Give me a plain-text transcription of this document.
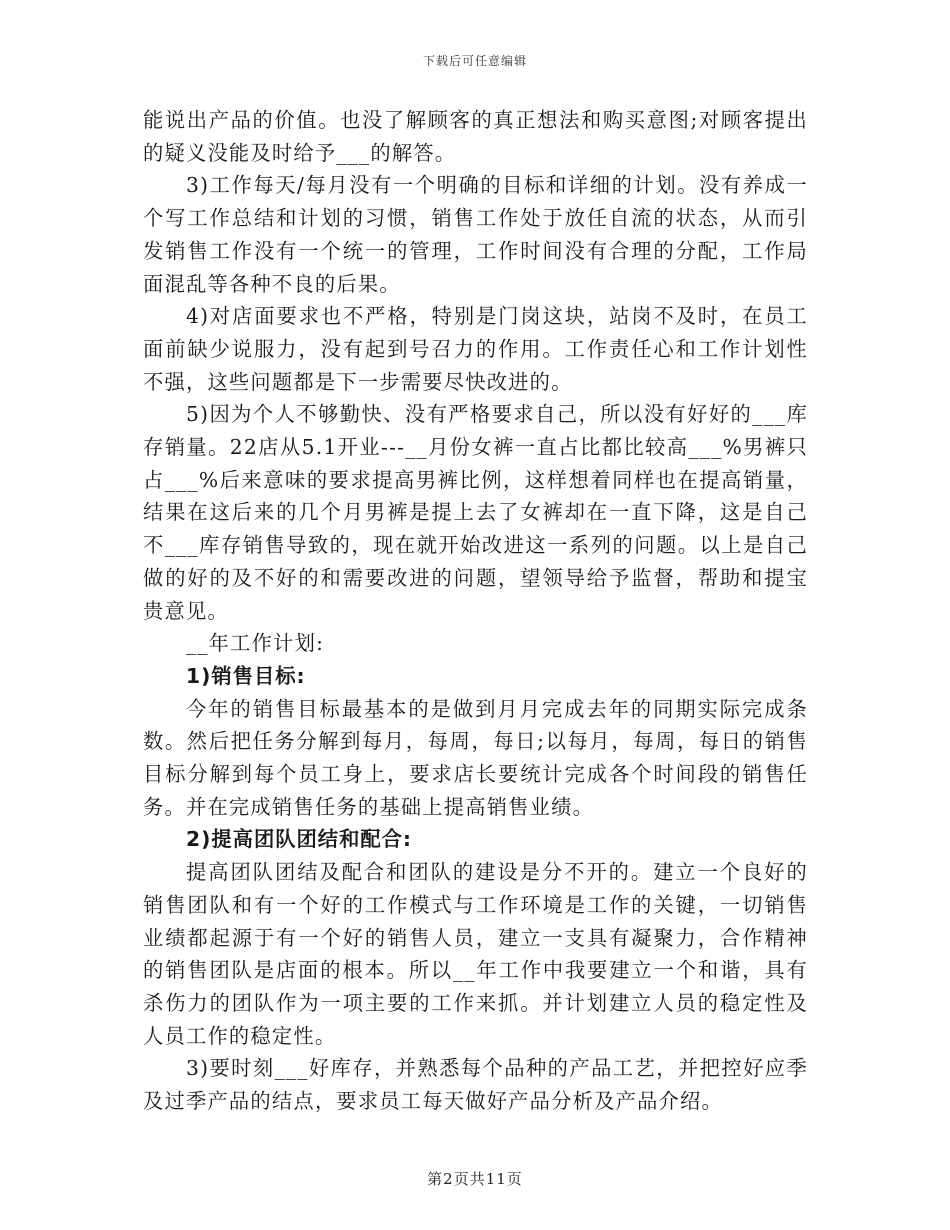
下载后可任意编辑

能说出产品的价值。也没了解顾客的真正想法和购买意图;对顾客提出的疑义没能及时给予___的解答。

3)工作每天/每月没有一个明确的目标和详细的计划。没有养成一个写工作总结和计划的习惯，销售工作处于放任自流的状态，从而引发销售工作没有一个统一的管理，工作时间没有合理的分配，工作局面混乱等各种不良的后果。

4)对店面要求也不严格，特别是门岗这块，站岗不及时，在员工面前缺少说服力，没有起到号召力的作用。工作责任心和工作计划性不强，这些问题都是下一步需要尽快改进的。

5)因为个人不够勤快、没有严格要求自己，所以没有好好的___库存销量。22店从5.1开业---__月份女裤一直占比都比较高___%男裤只占___%后来意味的要求提高男裤比例，这样想着同样也在提高销量，结果在这后来的几个月男裤是提上去了女裤却在一直下降，这是自己不___库存销售导致的，现在就开始改进这一系列的问题。以上是自己做的好的及不好的和需要改进的问题，望领导给予监督，帮助和提宝贵意见。

__年工作计划:

1)销售目标:

今年的销售目标最基本的是做到月月完成去年的同期实际完成条数。然后把任务分解到每月，每周，每日;以每月，每周，每日的销售目标分解到每个员工身上，要求店长要统计完成各个时间段的销售任务。并在完成销售任务的基础上提高销售业绩。

2)提高团队团结和配合:

提高团队团结及配合和团队的建设是分不开的。建立一个良好的销售团队和有一个好的工作模式与工作环境是工作的关键，一切销售业绩都起源于有一个好的销售人员，建立一支具有凝聚力，合作精神的销售团队是店面的根本。所以__年工作中我要建立一个和谐，具有杀伤力的团队作为一项主要的工作来抓。并计划建立人员的稳定性及人员工作的稳定性。

3)要时刻___好库存，并熟悉每个品种的产品工艺，并把控好应季及过季产品的结点，要求员工每天做好产品分析及产品介绍。

第2页共11页
